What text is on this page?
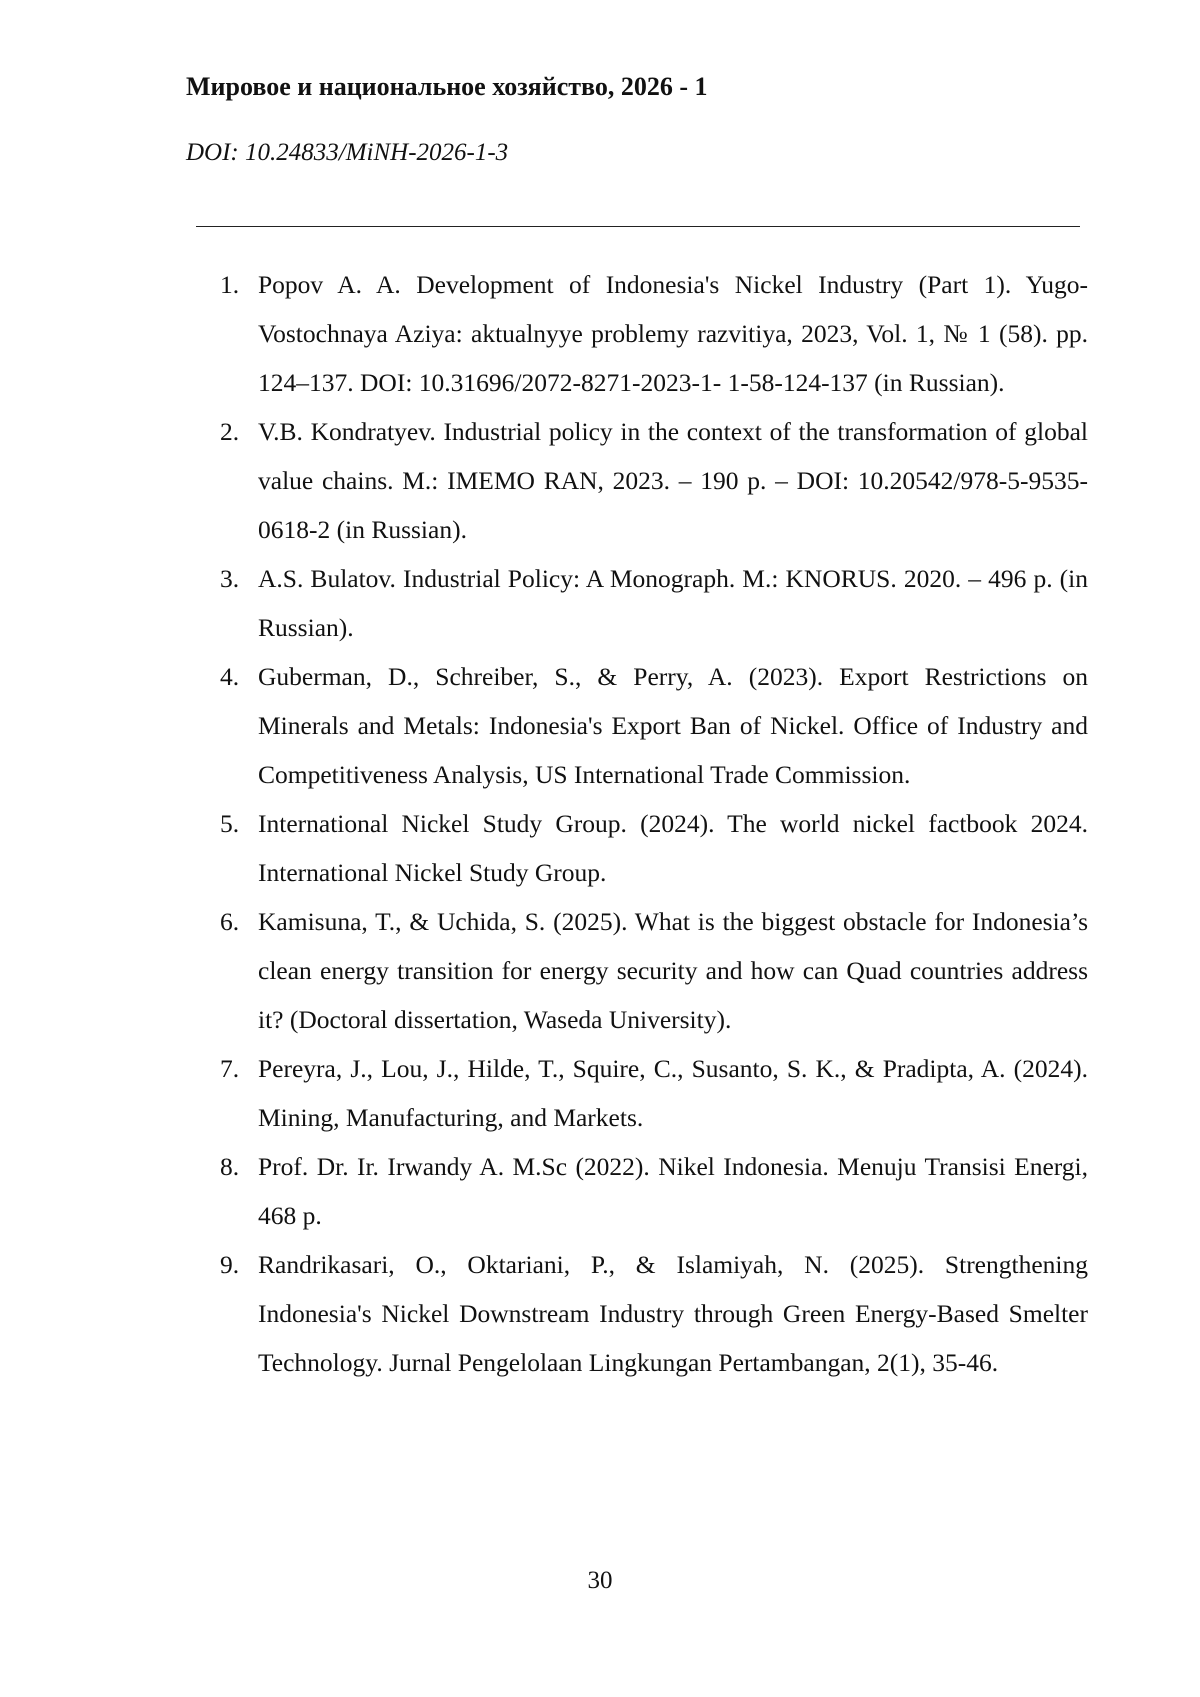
Мировое и национальное хозяйство, 2026 - 1
DOI: 10.24833/MiNH-2026-1-3
1. Popov A. A. Development of Indonesia's Nickel Industry (Part 1). Yugo-Vostochnaya Aziya: aktualnyye problemy razvitiya, 2023, Vol. 1, № 1 (58). pp. 124–137. DOI: 10.31696/2072-8271-2023-1- 1-58-124-137 (in Russian).
2. V.B. Kondratyev. Industrial policy in the context of the transformation of global value chains. M.: IMEMO RAN, 2023. – 190 p. – DOI: 10.20542/978-5-9535-0618-2 (in Russian).
3. A.S. Bulatov. Industrial Policy: A Monograph. M.: KNORUS. 2020. – 496 p. (in Russian).
4. Guberman, D., Schreiber, S., & Perry, A. (2023). Export Restrictions on Minerals and Metals: Indonesia's Export Ban of Nickel. Office of Industry and Competitiveness Analysis, US International Trade Commission.
5. International Nickel Study Group. (2024). The world nickel factbook 2024. International Nickel Study Group.
6. Kamisuna, T., & Uchida, S. (2025). What is the biggest obstacle for Indonesia’s clean energy transition for energy security and how can Quad countries address it? (Doctoral dissertation, Waseda University).
7. Pereyra, J., Lou, J., Hilde, T., Squire, C., Susanto, S. K., & Pradipta, A. (2024). Mining, Manufacturing, and Markets.
8. Prof. Dr. Ir. Irwandy A. M.Sc (2022). Nikel Indonesia. Menuju Transisi Energi, 468 p.
9. Randrikasari, O., Oktariani, P., & Islamiyah, N. (2025). Strengthening Indonesia's Nickel Downstream Industry through Green Energy-Based Smelter Technology. Jurnal Pengelolaan Lingkungan Pertambangan, 2(1), 35-46.
30
